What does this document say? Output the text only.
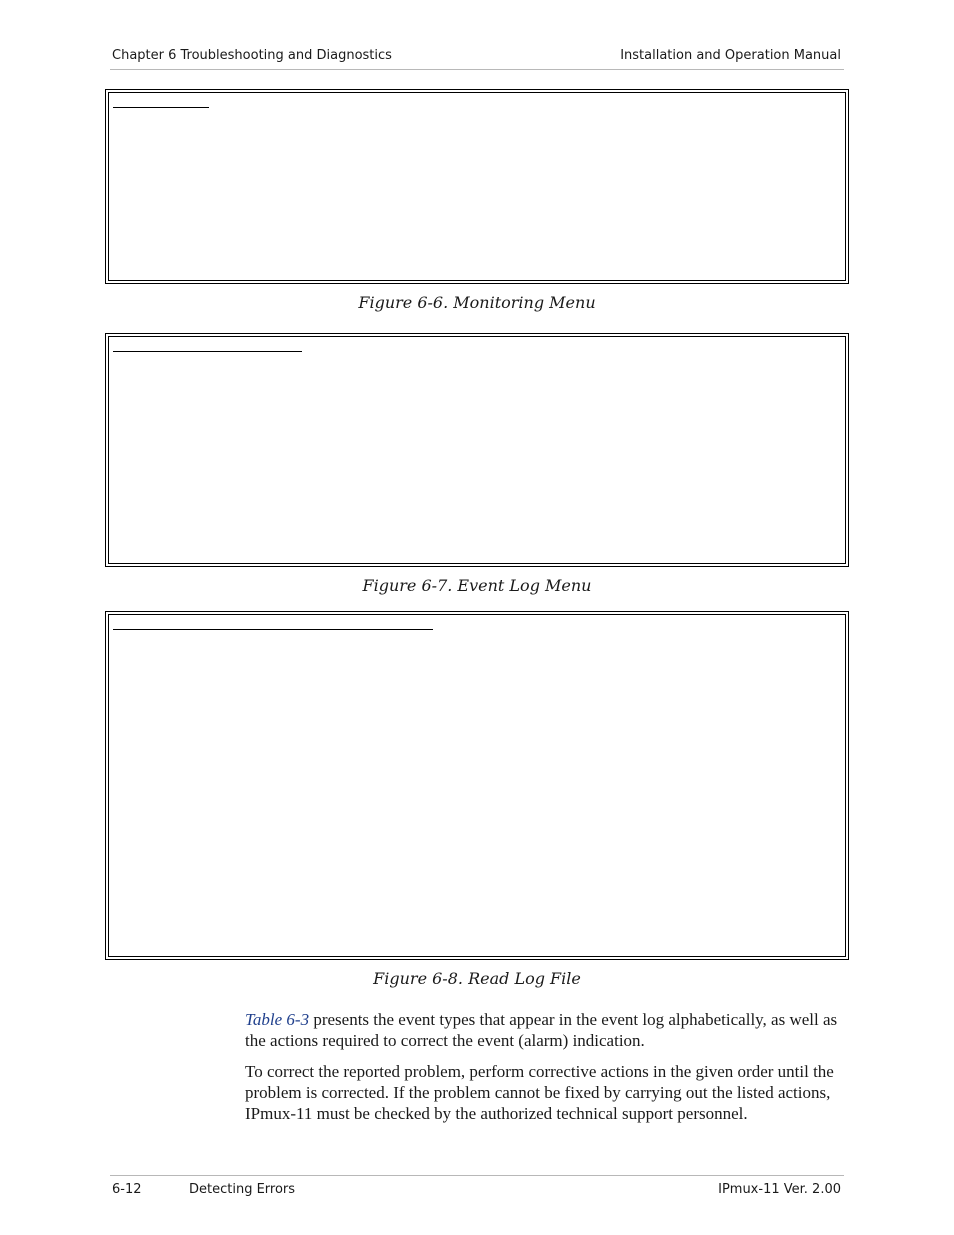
Chapter 6 Troubleshooting and Diagnostics	Installation and Operation Manual
Figure 6-6. Monitoring Menu
Figure 6-7. Event Log Menu
Figure 6-8. Read Log File

Table 6-3 presents the event types that appear in the event log alphabetically, as well as the actions required to correct the event (alarm) indication.

To correct the reported problem, perform corrective actions in the given order until the problem is corrected. If the problem cannot be fixed by carrying out the listed actions, IPmux-11 must be checked by the authorized technical support personnel.

6-12	Detecting Errors	IPmux-11 Ver. 2.00
